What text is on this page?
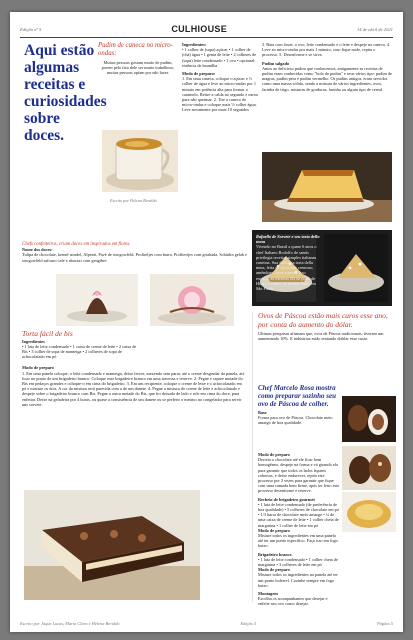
Edição nº 5	CULHIOUSE	14 de abril de 2021
Aqui estão algumas receitas e curiosidades sobre doces.
Pudim de caneca no micro-ondas:
Muitas pessoas gostam muito de pudim, porem pelo fato dele ser muito trabalhoso, muitas pessoas optam por não fazer.
Escrito por Helena Beraldo.
Ingredientes:
• 1 colher de (sopa) açúcar • 1 colher de (chá) água • 1 gema de leite • 2 colheres de (sopa) leite condensado • 1 ovo • opcional: essência de baunilha
Modo de preparo:
1. Em uma caneca, coloque o açúcar e ½ colher de água e leve ao micro-ondas por 1 minuto em potência alta para formar o caramelo. Retire a calda no segundo e mexa para não queimar. 2. Tire a caneca do micro-ondas e coloque mais ½ colher água. Leve novamente por mais 10 segundos
3. Bata com fouet, o ovo, leite condensado e o leite e despeje na caneca. 4. Leve ao micro-ondas por mais 1 minuto, caso fique mole, repita o processo. 5. Desenforme e se sirva.
Pudim salgado
Antes ao delicioso pudim que conhecemos, antigamente as receitas de pudim eram conhecidas como "bolo de pudim" e seus vários tipo: pudim de magras, pudim pera e pudim vermelho. Os pudins antigos, eram servidos como uma massa sólida, sendo a mistura de vários ingredientes, ovos, farinha de trigo, misturas de gorduras, farinha ou algum tipo de cereal.
Rafaello de Sorvete e seu torta della nona
Vivendo no Brasil a quase 6 anos o chef Italiano Rodolfo de santis privilegia receitas simples italianas caseiras. Sua deliciosa torta della nona, feita de chocolate cremoso, amêndoas, doce e peras. Isso explica, as mesmas fãs na porta de Hilaro Coelho, no Itaiano Bibi, em São Paulo.
Chefs confeiteiros, criam doces em inspirados em flores.
Nome dos doces:
Tulipa de chocolate, kernel strudel, Alpenit, Pavê de strogowfeld, Profiteljes com barra, Profiterijes com griabada, Scbinlin gelab e strogowfeld safouro café e abacaxi com gengibre.
Torta fácil de bis
Ingredientes
• 1 lata de leite condensado • 1 caixa de creme de leite • 2 caixa de Bis • 3 colher de sopa de manteiga • 2 colheres de sopa de achocolatado em pó
Modo de preparo
1. Em uma panela coloque, o leite condensado e manteiga, deixe ferver, mexendo sem parar, até o creme desgrudar da panela, até ficar no ponto de um brigadeiro branco. Coloque esse brigadeiro branco em uma travessa e reserve. 2. Pegue e separe metade do Bis em pedaços grandes e coloque-o em cima do brigadeiro. 3. Em um recipiente, coloque o creme de leite e o achocolatado em pó e misture os dois. A cor da mistura será parecida com a de um danete. 4. Pegue a mistura do creme de leite e achocolatado e despeje sobre o brigadeiro branco com Bis. Pegue a outra metade do Bis, que foi deixada de lado e role em cima do doce, para enfeitar. Deixe na geladeira por 4 horas, ou quase a consistência de um danete ou se preferir o mesmo no congelador para servir uns sorvete.
Ovos de Páscoa estão mais caros esse ano, por conta do aumento do dólar.
Ultimas pesquisas afirmam que, ovos de Páscoa tradicionais, tiveram um aumentando 10%. E indústrias estão tentando driblar esse custo.
Chef Marcelo Rosa mostra como preparar sozinho seu ovo de Páscoa de colher.
Base
Forma para ovo de Páscoa. Chocolate meio amargo de boa qualidade.
Modo de preparo
Derreta o chocolate até ele ficar bem homogêneo, despeje na forma e vá girando ela para garantir que todos os lados fiquem cobertos, e deixe endurecer, repita este processo por 2 vezes para garantir que fique com uma camada bem firme, após ter feito este processo desenforme e reserve.
Recheio de brigadeiro gourmet
• 1 lata de leite condensado (de preferência de boa qualidade) • 5 colheres de chocolate em pó • 1/3 barra de chocolate meio amargo • ¼ de uma caixa de creme de leite • 1 colher cheia de margarina • 1 colher de leite em pó
Modo de preparo
Misture todos os ingredientes em uma panela até ter um ponto específico. Faça isso em fogo baixo.
Brigadeiro branco
• 1 lata de leite condensado • 1 colher cheia de margarina • 3 colheres de leite em pó
Modo de preparo
Misture todos os ingredientes na panela até ter um ponto holerrel. Cozinhe sempre em fogo baixo.
Montagem
Escolha os acompanhantes que desejar e enfeite seu ovo como desejar.
Escrito por Jaque Lucas, Maria Clara e Helena Beraldo	Edição 5	Página 5
